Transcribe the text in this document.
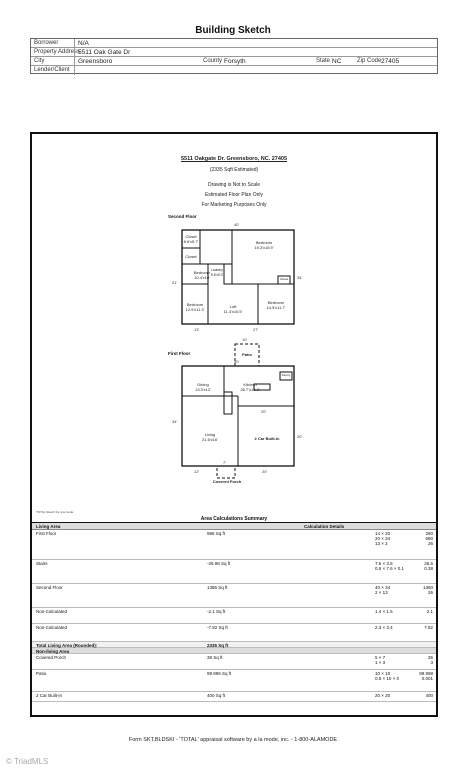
Building Sketch
Borrower	N/A
Property Address
5511 Oak Gate Dr
City	Greensboro	County Forsyth	State NC	Zip Code 27405
Lender/Client
5511 Oakgate Dr. Greensboro, NC. 27405
(2335 Sqft Estimated)
Drawing is Not to Scale
Estimated Floor Plan Only
For Marketing Purposes Only
Second Floor
First Floor
Closet
8.6'x5.7'
Closet
Bedroom
19.3'x15.9'
Bedroom
10.4'x10'
Laundry
5.6'x5.3'
Bedroom
12.9'x11.3'
Loft
11.4'x10.5'
Bedroom
14.5'x11.7'
Closet
40'
34'
21'
13'	27'
Patio
Dining
13.3'x12'
Kitchen
26.7'x13.3'
Pantry
Living
21.6'x16'	2 Car Built-in
Covered Porch
10'
40'
20'
34'
20'
12'	20'
7'
TOTAL Sketch by a la mode
Area Calculations Summary
Living Area	Calculation Details
First Floor	986 Sq ft	14 × 20	280
20 × 34	680
13 × 2	26
Stairs	-26.98 Sq ft	7.6 × 3.5	26.6
0.5 × 7.6 × 0.1	0.38
Second Floor	1386 Sq ft	40 × 34	1360
2 × 13	26
Non-Calculated	-2.1 Sq ft	1.4 × 1.5	2.1
Non-Calculated	-7.82 Sq ft	2.3 × 3.4	7.82
Total Living Area (Rounded):	2335 Sq ft
Non-living Area
Covered Porch	38 Sq ft	5 × 7	35
1 × 3	3
Patio	99.999 Sq ft	10 × 10	99.998
0.5 × 10 × 0	0.001
2 Car Built-in	400 Sq ft	20 × 20	400
Form SKT.BLDSKI - 'TOTAL' appraisal software by a la mode, inc. - 1-800-ALAMODE
© TriadMLS
